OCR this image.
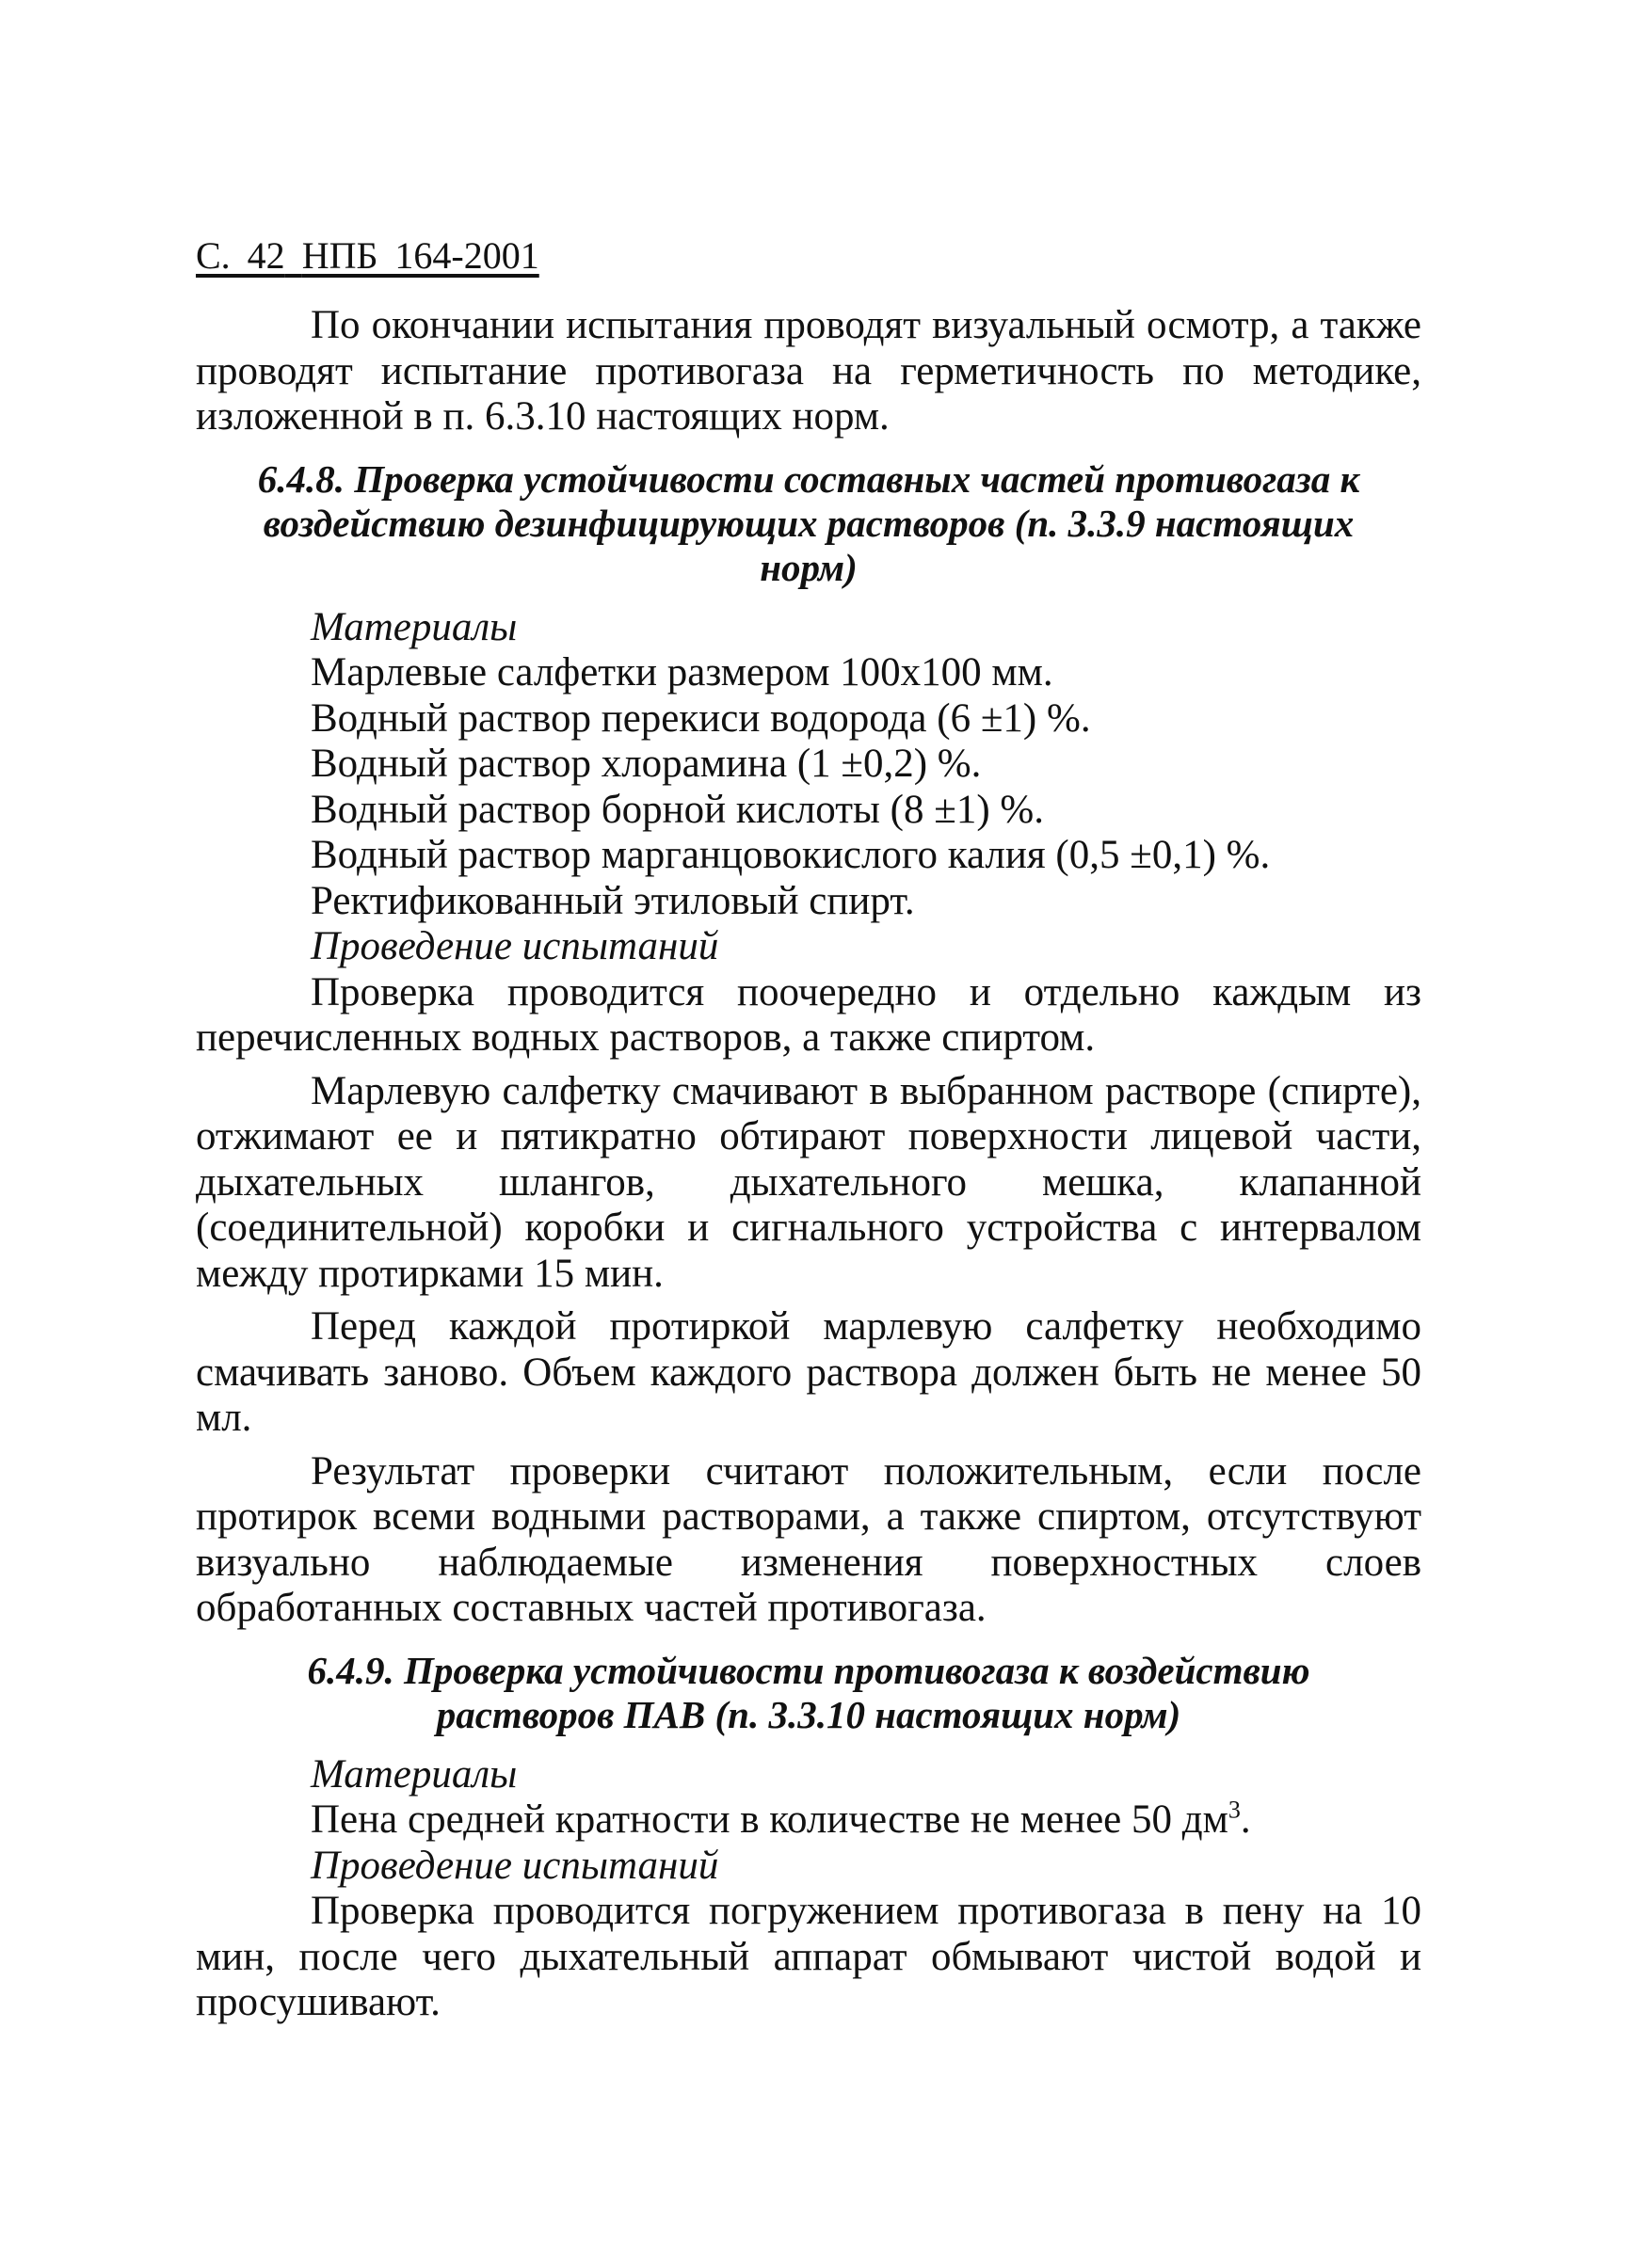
С. 42 НПБ 164-2001

По окончании испытания проводят визуальный осмотр, а также проводят испытание противогаза на герметичность по методике, изложенной в п. 6.3.10 настоящих норм.

6.4.8. Проверка устойчивости составных частей противогаза к воздействию дезинфицирующих растворов (п. 3.3.9 настоящих норм)
Материалы
Марлевые салфетки размером 100x100 мм.
Водный раствор перекиси водорода (6 ±1) %.
Водный раствор хлорамина (1 ±0,2) %.
Водный раствор борной кислоты (8 ±1) %.
Водный раствор марганцовокислого калия (0,5 ±0,1) %.
Ректификованный этиловый спирт.
Проведение испытаний

Проверка проводится поочередно и отдельно каждым из перечисленных водных растворов, а также спиртом.

Марлевую салфетку смачивают в выбранном растворе (спирте), отжимают ее и пятикратно обтирают поверхности лицевой части, дыхательных шлангов, дыхательного мешка, клапанной (соединительной) коробки и сигнального устройства с интервалом между протирками 15 мин.

Перед каждой протиркой марлевую салфетку необходимо смачивать заново. Объем каждого раствора должен быть не менее 50 мл.

Результат проверки считают положительным, если после протирок всеми водными растворами, а также спиртом, отсутствуют визуально наблюдаемые изменения поверхностных слоев обработанных составных частей противогаза.

6.4.9. Проверка устойчивости противогаза к воздействию растворов ПАВ (п. 3.3.10 настоящих норм)
Материалы
Пена средней кратности в количестве не менее 50 $дм^3$.
Проведение испытаний

Проверка проводится погружением противогаза в пену на 10 мин, после чего дыхательный аппарат обмывают чистой водой и просушивают.
